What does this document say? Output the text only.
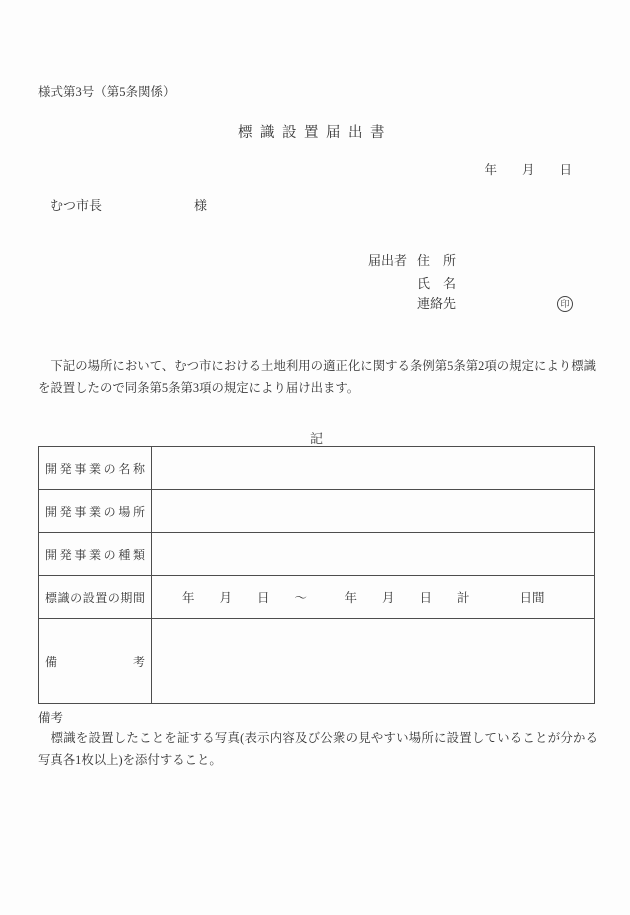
様式第3号（第5条関係）
標識設置届出書
年　　月　　日
むつ市長	様
届出者 住　所
氏　名
連絡先	印
　下記の場所において、むつ市における土地利用の適正化に関する条例第5条第2項の規定により標識を設置したので同条第5条第3項の規定により届け出ます。
記
開発事業の名称	

開発事業の場所	

開発事業の種類	

標識の設置の期間	年　　月　　日　　～　　　年　　月　　日　　計　　　　日間

備考	

備考
　標識を設置したことを証する写真(表示内容及び公衆の見やすい場所に設置していることが分かる写真各1枚以上)を添付すること。
